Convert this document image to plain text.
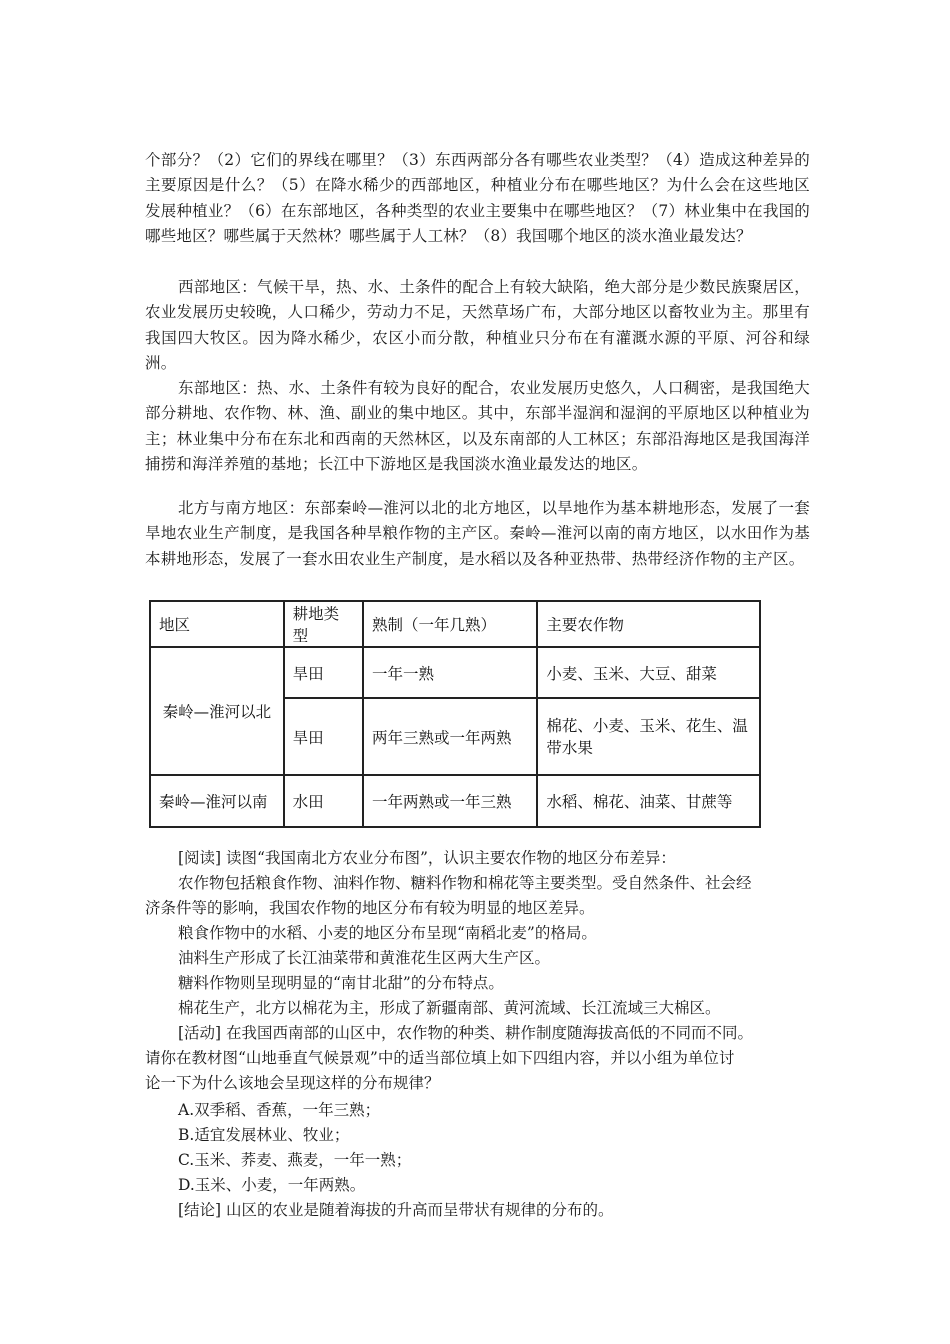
个部分？（2）它们的界线在哪里？（3）东西两部分各有哪些农业类型？（4）造成这种差异的主要原因是什么？（5）在降水稀少的西部地区，种植业分布在哪些地区？为什么会在这些地区发展种植业？（6）在东部地区，各种类型的农业主要集中在哪些地区？（7）林业集中在我国的哪些地区？哪些属于天然林？哪些属于人工林？（8）我国哪个地区的淡水渔业最发达？

西部地区：气候干旱，热、水、土条件的配合上有较大缺陷，绝大部分是少数民族聚居区，农业发展历史较晚，人口稀少，劳动力不足，天然草场广布，大部分地区以畜牧业为主。那里有我国四大牧区。因为降水稀少，农区小而分散，种植业只分布在有灌溉水源的平原、河谷和绿洲。

东部地区：热、水、土条件有较为良好的配合，农业发展历史悠久，人口稠密，是我国绝大部分耕地、农作物、林、渔、副业的集中地区。其中，东部半湿润和湿润的平原地区以种植业为主；林业集中分布在东北和西南的天然林区，以及东南部的人工林区；东部沿海地区是我国海洋捕捞和海洋养殖的基地；长江中下游地区是我国淡水渔业最发达的地区。

北方与南方地区：东部秦岭—淮河以北的北方地区，以旱地作为基本耕地形态，发展了一套旱地农业生产制度，是我国各种旱粮作物的主产区。秦岭—淮河以南的南方地区，以水田作为基本耕地形态，发展了一套水田农业生产制度，是水稻以及各种亚热带、热带经济作物的主产区。

地区	耕地类型	熟制（一年几熟）	主要农作物
秦岭—淮河以北	旱田	一年一熟	小麦、玉米、大豆、甜菜
	旱田	两年三熟或一年两熟	棉花、小麦、玉米、花生、温
带水果

秦岭—淮河以南	水田	一年两熟或一年三熟	水稻、棉花、油菜、甘蔗等
[阅读] 读图“我国南北方农业分布图”，认识主要农作物的地区分布差异：
农作物包括粮食作物、油料作物、糖料作物和棉花等主要类型。受自然条件、社会经
济条件等的影响，我国农作物的地区分布有较为明显的地区差异。
粮食作物中的水稻、小麦的地区分布呈现“南稻北麦”的格局。
油料生产形成了长江油菜带和黄淮花生区两大生产区。
糖料作物则呈现明显的“南甘北甜”的分布特点。
棉花生产，北方以棉花为主，形成了新疆南部、黄河流域、长江流域三大棉区。
[活动] 在我国西南部的山区中，农作物的种类、耕作制度随海拔高低的不同而不同。
请你在教材图“山地垂直气候景观”中的适当部位填上如下四组内容，并以小组为单位讨
论一下为什么该地会呈现这样的分布规律？
A.双季稻、香蕉，一年三熟；
B.适宜发展林业、牧业；
C.玉米、荞麦、燕麦，一年一熟；
D.玉米、小麦，一年两熟。
[结论] 山区的农业是随着海拔的升高而呈带状有规律的分布的。
